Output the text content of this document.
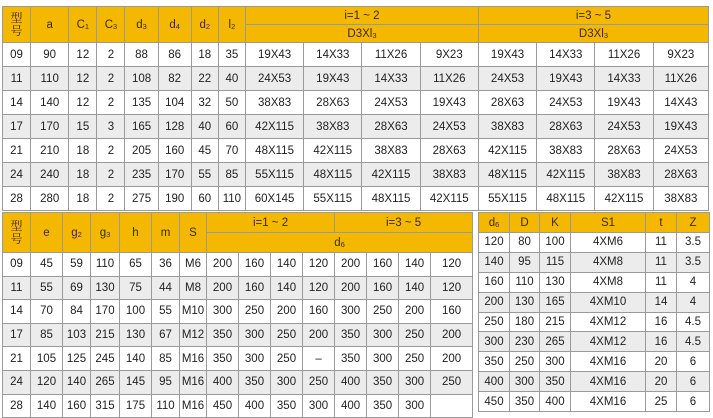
型号	a	$C_1$	$C_3$	$d_3$	$d_4$	$d_2$	$l_2$	i=1 ~ 2				i=3 ~ 5			
								$D3Xl_3$				$D3Xl_3$
09	90	12	2	88	86	18	35	19X43	14X33	11X26	9X23	19X43	14X33	11X26	9X23
11	110	12	2	108	82	22	40	24X53	19X43	14X33	11X26	24X53	19X43	14X33	11X26
14	140	12	2	135	104	32	50	38X83	28X63	24X53	19X43	28X63	24X53	19X43	14X43
17	170	15	3	165	128	40	60	42X115	38X83	28X63	24X53	38X83	28X63	24X53	19X43
21	210	18	2	205	160	45	70	48X115	42X115	38X83	28X63	42X115	38X83	28X63	24X53
24	240	18	2	235	170	55	85	55X115	48X115	42X115	38X83	48X115	42X115	38X83	28X63
28	280	18	2	275	190	60	110	60X145	55X115	48X115	42X115	55X115	48X115	42X115	38X83
型号	e	$g_2$	$g_3$	h	m	S	i=1 ~ 2				i=3 ~ 5			
							$d_6$
09	45	59	110	65	36	M6	200	160	140	120	200	160	140	120
11	55	69	130	75	44	M8	200	160	140	120	200	160	140	120
14	70	84	170	100	55	M10	300	250	200	160	300	250	200	160
17	85	103	215	130	67	M12	350	300	250	200	350	300	250	200
21	105	125	245	140	85	M16	350	300	250	–	350	300	250	200
24	120	140	265	145	95	M16	400	350	300	250	400	350	300	250
28	140	160	315	175	110	M16	450	400	350	300	400	350	300	
$d_6$	D	K	S1	t	Z
120	80	100	4XM6	11	3.5
140	95	115	4XM8	11	3.5
160	110	130	4XM8	11	4
200	130	165	4XM10	14	4
250	180	215	4XM12	16	4.5
300	230	265	4XM12	16	4.5
350	250	300	4XM16	20	6
400	300	350	4XM16	20	6
450	350	400	4XM16	25	6
